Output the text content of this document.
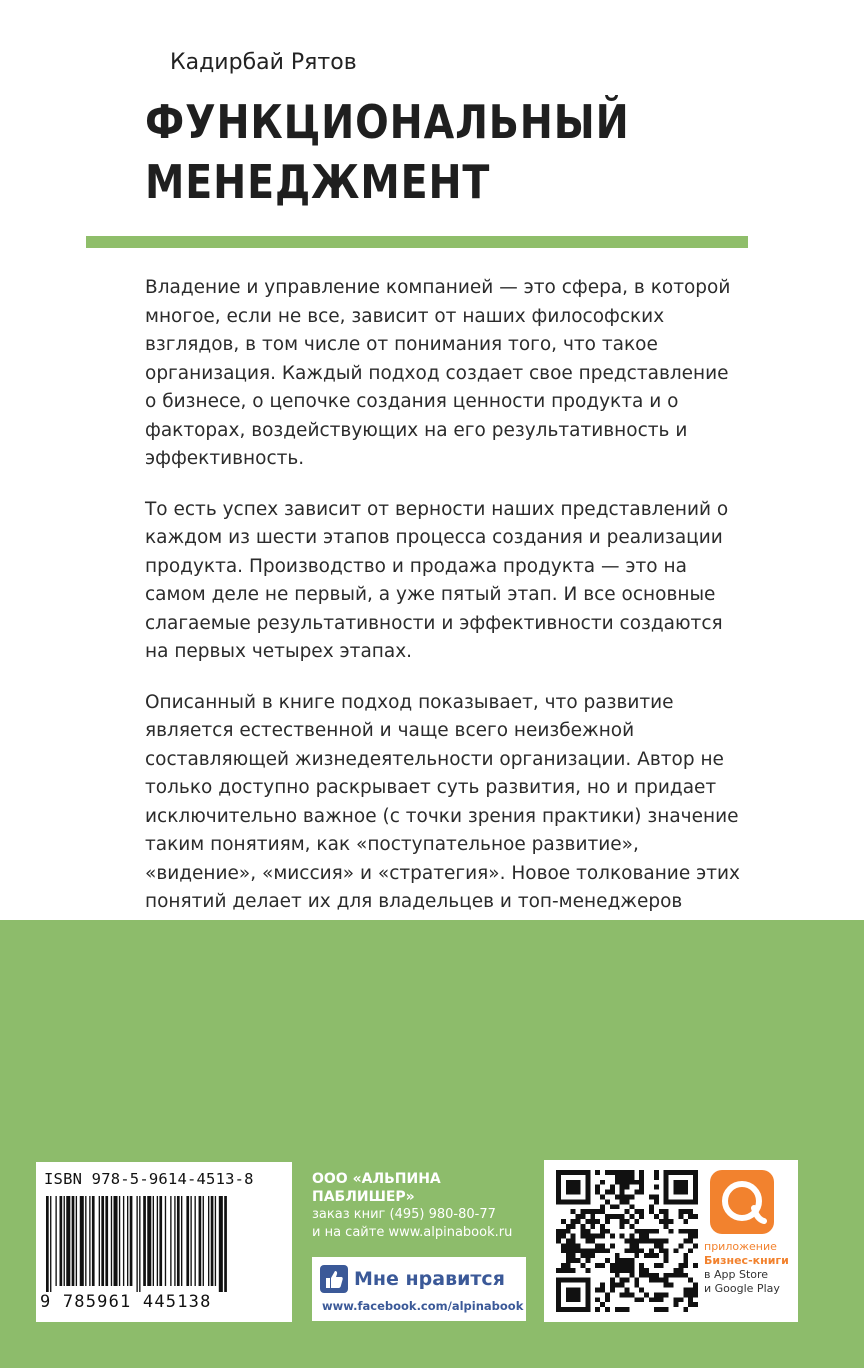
Кадирбай Рятов
ФУНКЦИОНАЛЬНЫЙ
МЕНЕДЖМЕНТ

Владение и управление компанией — это сфера, в которой многое, если не все, зависит от наших философских взглядов, в том числе от понимания того, что такое организация. Каждый подход создает свое представление о бизнесе, о цепочке создания ценности продукта и о факторах, воздействующих на его результативность и эффективность.

То есть успех зависит от верности наших представлений о каждом из шести этапов процесса создания и реализации продукта. Производство и продажа продукта — это на самом деле не первый, а уже пятый этап. И все основные слагаемые результативности и эффективности создаются на первых четырех этапах.

Описанный в книге подход показывает, что развитие является естественной и чаще всего неизбежной составляющей жизнедеятельности организации. Автор не только доступно раскрывает суть развития, но и придает исключительно важное (с точки зрения практики) значение таким понятиям, как «поступательное развитие», «видение», «миссия» и «стратегия». Новое толкование этих понятий делает их для владельцев и топ-менеджеров

ISBN 978-5-9614-4513-8
9 785961 445138
ООО «АЛЬПИНА ПАБЛИШЕР»
заказ книг (495) 980-80-77
и на сайте www.alpinabook.ru
Мне нравится
www.facebook.com/alpinabook
приложение
Бизнес-книги
в App Store
и Google Play
